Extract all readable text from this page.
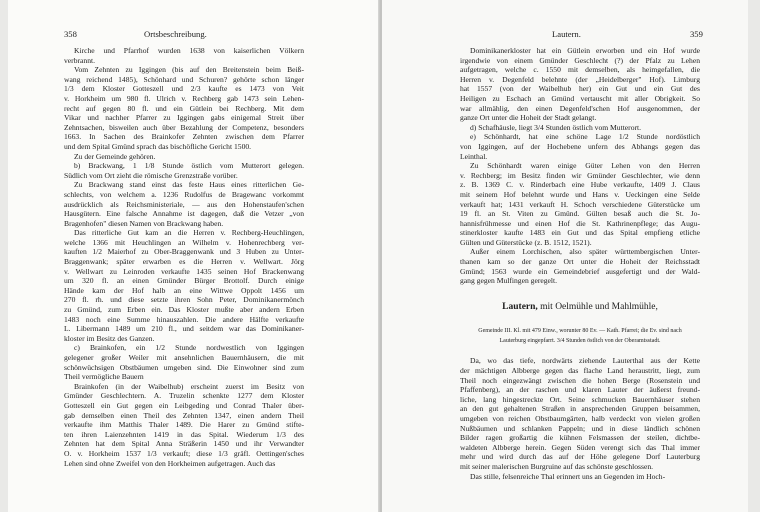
358	Ortsbeschreibung.
Kirche und Pfarrhof wurden 1638 von kaiserlichen Völkern
verbrannt.
Vom Zehnten zu Iggingen (bis auf den Breitenstein beim Beiß-
wang reichend 1485), Schönhard und Schuren? gehörte schon länger
1/3 dem Kloster Gotteszell und 2/3 kaufte es 1473 von Veit
v. Horkheim um 980 fl. Ulrich v. Rechberg gab 1473 sein Lehen-
recht auf gegen 80 fl. und ein Gütlein bei Rechberg. Mit dem
Vikar und nachher Pfarrer zu Iggingen gabs einigemal Streit über
Zehntsachen, bisweilen auch über Bezahlung der Competenz, besonders
1663. In Sachen des Brainkofer Zehnten zwischen dem Pfarrer
und dem Spital Gmünd sprach das bischöfliche Gericht 1500.
Zu der Gemeinde gehören.
b) Brackwang, 1 1/8 Stunde östlich vom Mutterort gelegen.
Südlich vom Ort zieht die römische Grenzstraße vorüber.
Zu Brackwang stand einst das feste Haus eines ritterlichen Ge-
schlechts, von welchem a. 1236 Rudolfus de Bragewanc vorkommt
ausdrücklich als Reichsministeriale, — aus den Hohenstaufen'schen
Hausgütern. Eine falsche Annahme ist dagegen, daß die Vetzer „von
Bragenhofen" diesen Namen von Brackwang haben.
Das ritterliche Gut kam an die Herren v. Rechberg-Heuchlingen,
welche 1366 mit Heuchlingen an Wilhelm v. Hohenrechberg ver-
kauften 1/2 Maierhof zu Ober-Braggenwank und 3 Huben zu Unter-
Braggenwank; später erwarben es die Herren v. Wellwart. Jörg
v. Wellwart zu Leinroden verkaufte 1435 seinen Hof Brackenwang
um 320 fl. an einen Gmünder Bürger Brottolf. Durch einige
Hände kam der Hof halb an eine Wittwe Oppolt 1456 um
270 fl. rh. und diese setzte ihren Sohn Peter, Dominikanermönch
zu Gmünd, zum Erben ein. Das Kloster mußte aber andern Erben
1483 noch eine Summe hinauszahlen. Die andere Hälfte verkaufte
L. Libermann 1489 um 210 fl., und seitdem war das Dominikaner-
kloster im Besitz des Ganzen.
c) Brainkofen, ein 1/2 Stunde nordwestlich von Iggingen
gelegener großer Weiler mit ansehnlichen Bauernhäusern, die mit
schönwüchsigen Obstbäumen umgeben sind. Die Einwohner sind zum
Theil vermögliche Bauern
Brainkofen (in der Waibelhub) erscheint zuerst im Besitz von
Gmünder Geschlechtern. A. Truzelin schenkte 1277 dem Kloster
Gotteszell ein Gut gegen ein Leibgeding und Conrad Thaler über-
gab demselben einen Theil des Zehnten 1347, einen andern Theil
verkaufte ihm Matthis Thaler 1489. Die Harer zu Gmünd stifte-
ten ihren Laienzehnten 1419 in das Spital. Wiederum 1/3 des
Zehnten hat dem Spital Anna Sträßerin 1450 und ihr Verwandter
O. v. Horkheim 1537 1/3 verkauft; diese 1/3 gräfl. Oettingen'sches
Lehen sind ohne Zweifel von den Horkheimen aufgetragen. Auch das
Lautern.	359
Dominikanerkloster hat ein Gütlein erworben und ein Hof wurde
irgendwie von einem Gmünder Geschlecht (?) der Pfalz zu Lehen
aufgetragen, welche c. 1550 mit demselben, als heimgefallen, die
Herren v. Degenfeld belehnte (der „Heidelberger" Hof). Limburg
hat 1557 (von der Waibelhub her) ein Gut und ein Gut des
Heiligen zu Eschach an Gmünd vertauscht mit aller Obrigkeit. So
war allmählig, den einen Degenfeld'schen Hof ausgenommen, der
ganze Ort unter die Hoheit der Stadt gelangt.
d) Schafhäusle, liegt 3/4 Stunden östlich vom Mutterort.
e) Schönhardt, hat eine schöne Lage 1/2 Stunde nordöstlich
von Iggingen, auf der Hochebene unfern des Abhangs gegen das
Leinthal.
Zu Schönhardt waren einige Güter Lehen von den Herren
v. Rechberg; im Besitz finden wir Gmünder Geschlechter, wie denn
z. B. 1369 C. v. Rinderbach eine Hube verkaufte, 1409 J. Claus
mit seinem Hof belehnt wurde und Hans v. Ueckingen eine Selde
verkauft hat; 1431 verkauft H. Schoch verschiedene Güterstücke um
19 fl. an St. Viten zu Gmünd. Gülten besaß auch die St. Jo-
hannisfrühmesse und einen Hof die St. Kathrinenpflege; das Augu-
stinerkloster kaufte 1483 ein Gut und das Spital empfieng etliche
Gülten und Güterstücke (z. B. 1512, 1521).
Außer einem Lorchischen, also später württembergischen Unter-
thanen kam so der ganze Ort unter die Hoheit der Reichsstadt
Gmünd; 1563 wurde ein Gemeindebrief ausgefertigt und der Wald-
gang gegen Mulfingen geregelt.
Lautern, mit Oelmühle und Mahlmühle,
Gemeinde III. Kl. mit 479 Einw., worunter 80 Ev. — Kath. Pfarrei; die Ev. sind nach
Lauterburg eingepfarrt. 3/4 Stunden östlich von der Oberamtsstadt.
Da, wo das tiefe, nordwärts ziehende Lauterthal aus der Kette
der mächtigen Albberge gegen das flache Land heraustritt, liegt, zum
Theil noch eingezwängt zwischen die hohen Berge (Rosenstein und
Pfaffenberg), an der raschen und klaren Lauter der äußerst freund-
liche, lang hingestreckte Ort. Seine schmucken Bauernhäuser stehen
an den gut gehaltenen Straßen in ansprechenden Gruppen beisammen,
umgeben von reichen Obstbaumgärten, halb verdeckt von vielen großen
Nußbäumen und schlanken Pappeln; und in diese ländlich schönen
Bilder ragen großartig die kühnen Felsmassen der steilen, dichtbe-
waldeten Albberge herein. Gegen Süden verengt sich das Thal immer
mehr und wird durch das auf der Höhe gelegene Dorf Lauterburg
mit seiner malerischen Burgruine auf das schönste geschlossen.
Das stille, felsenreiche Thal erinnert uns an Gegenden im Hoch-
